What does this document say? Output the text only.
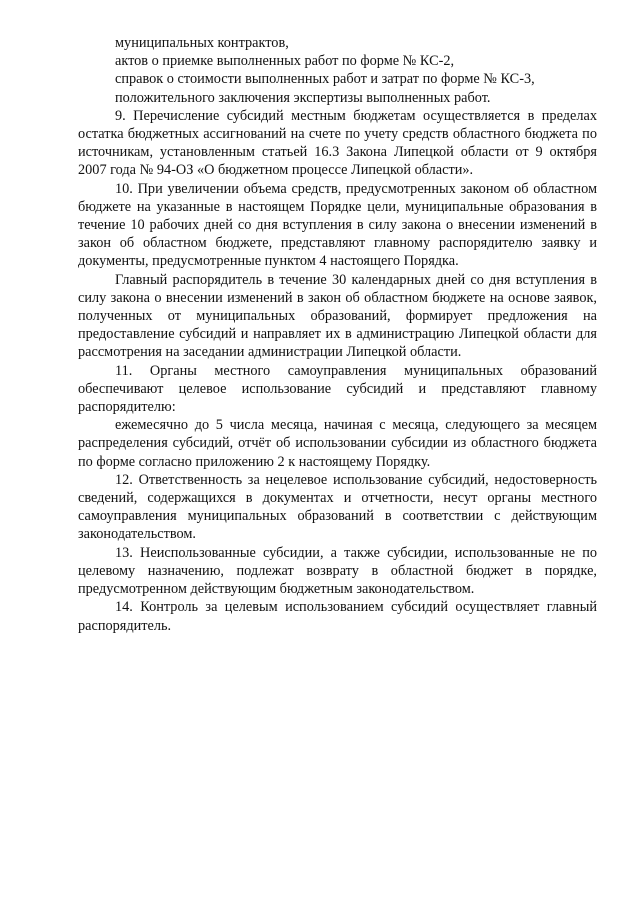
муниципальных контрактов,

актов о приемке выполненных работ по форме № КС-2,

справок о стоимости выполненных работ и затрат по форме № КС-3,

положительного заключения экспертизы выполненных работ.

9. Перечисление субсидий местным бюджетам осуществляется в пределах остатка бюджетных ассигнований на счете по учету средств областного бюджета по источникам, установленным статьей 16.3 Закона Липецкой области от 9 октября 2007 года № 94-ОЗ «О бюджетном процессе Липецкой области».

10. При увеличении объема средств, предусмотренных законом об областном бюджете на указанные в настоящем Порядке цели, муниципальные образования в течение 10 рабочих дней со дня вступления в силу закона о внесении изменений в закон об областном бюджете, представляют главному распорядителю заявку и документы, предусмотренные пунктом 4 настоящего Порядка.

Главный распорядитель в течение 30 календарных дней со дня вступления в силу закона о внесении изменений в закон об областном бюджете на основе заявок, полученных от муниципальных образований, формирует предложения на предоставление субсидий и направляет их в администрацию Липецкой области для рассмотрения на заседании администрации Липецкой области.

11. Органы местного самоуправления муниципальных образований обеспечивают целевое использование субсидий и представляют главному распорядителю:

ежемесячно до 5 числа месяца, начиная с месяца, следующего за месяцем распределения субсидий, отчёт об использовании субсидии из областного бюджета по форме согласно приложению 2 к настоящему Порядку.

12. Ответственность за нецелевое использование субсидий, недостоверность сведений, содержащихся в документах и отчетности, несут органы местного самоуправления муниципальных образований в соответствии с действующим законодательством.

13. Неиспользованные субсидии, а также субсидии, использованные не по целевому назначению, подлежат возврату в областной бюджет в порядке, предусмотренном действующим бюджетным законодательством.

14. Контроль за целевым использованием субсидий осуществляет главный распорядитель.
